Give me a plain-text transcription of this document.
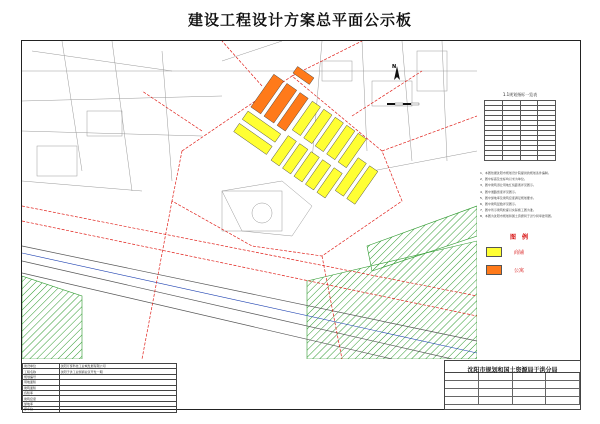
建设工程设计方案总平面公示板
N
1.1规划指标一览表

1、本图依据沈阳市规划设计院提供的规划条件编制。
2、图中标高及坐标均以米为单位。
3、图中建筑退让用地红线距离详见图示。
4、图中道路宽度详见图示。
5、图中绿地率及建筑密度满足规划要求。
6、图中建筑层数详见图示。
7、图中所示建筑轮廓以实际施工图为准。
8、本图为沈阳市规划和国土资源局于洪分局审批用图。
图 例
商铺
公寓
建设单位	沈阳万泰科技工业城发展有限公司
工程名称	沈阳于洪工业园商业区开发一期
规划编号	
用地面积	
建筑面积	
容积率	
建筑密度	
绿地率	
停车位	
沈阳市规划和国土资源局于洪分局
